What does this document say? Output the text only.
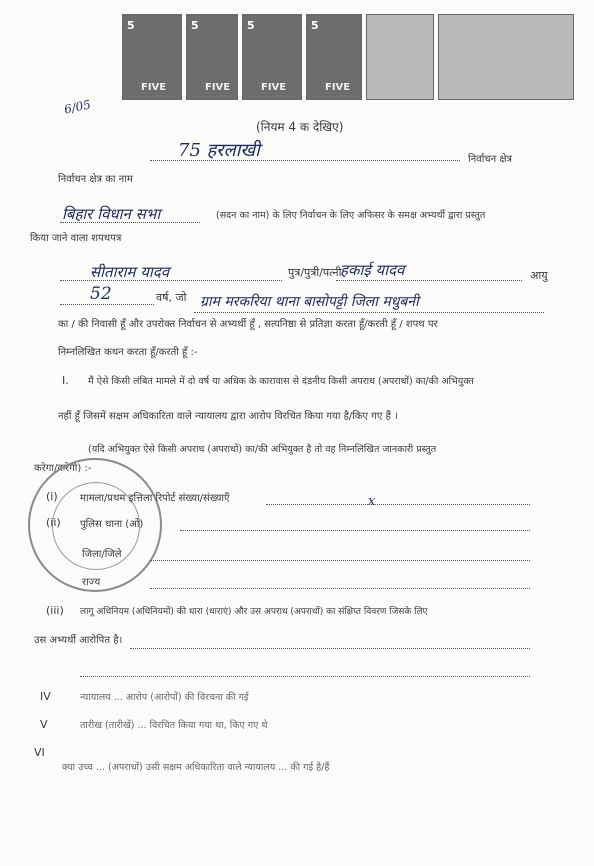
5
FIVE
5
FIVE
5
FIVE
5
FIVE
6/05
(नियम 4 क देखिए)
75 हरलाखी	निर्वाचन क्षेत्र
निर्वाचन क्षेत्र का नाम
बिहार विधान सभा	(सदन का नाम) के लिए निर्वाचन के लिए अफिसर के समक्ष अभ्यर्थी द्वारा प्रस्तुत
किया जाने वाला शपथपत्र
सीताराम यादव	पुत्र/पुत्री/पत्नी
हकाई यादव	आयु
52	वर्ष, जो ग्राम मरकरिया थाना बासोपट्टी जिला मधुबनी
का / की निवासी हूँ और उपरोक्त निर्वाचन से अभ्यर्थी हूँ , सत्यनिष्ठा से प्रतिज्ञा करता हूँ/करती हूँ / शपथ पर
निम्नलिखित कथन करता हूँ/करती हूँ :-
I. मैं ऐसे किसी लंबित मामले में दो वर्ष या अधिक के कारावास से दंडनीय किसी अपराध (अपराधों) का/की अभियुक्त
नहीं हूँ जिसमें सक्षम अधिकारिता वाले न्यायालय द्वारा आरोप विरचित किया गया है/किए गए हैं ।
(यदि अभियुक्त ऐसे किसी अपराध (अपराधों) का/की अभियुक्त है तो वह निम्नलिखित जानकारी प्रस्तुत
करेगा/करेगी) :-
(i) मामला/प्रथम इत्तिला रिपोर्ट संख्या/संख्याएँ	x
(ii) पुलिस थाना (ओं)
जिला/जिले
राज्य
(iii) लागू अधिनियम (अधिनियमों) की धारा (धाराएं) और उस अपराध (अपराधों) का संक्षिप्त विवरण जिसके लिए
उस अभ्यर्थी आरोपित है।
IV	न्यायालय ... आरोप (आरोपों) की विरचना की गई
V	तारीख (तारीखें) ... विरचित किया गया था, किए गए थे
VI
क्या उच्च ... (अपराधों) उसी सक्षम अधिकारिता वाले न्यायालय ... की गई है/हैं
